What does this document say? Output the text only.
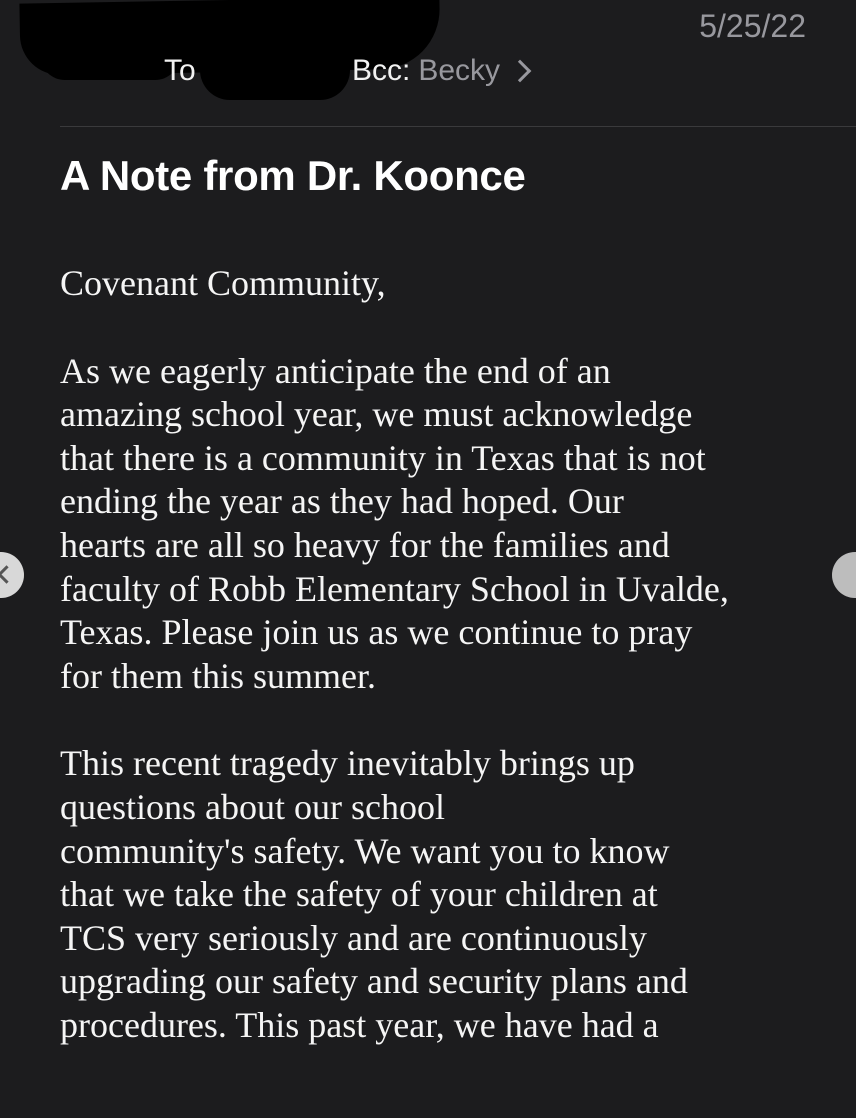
5/25/22

To	Bcc: Becky
A Note from Dr. Koonce

Covenant Community,

As we eagerly anticipate the end of an

amazing school year, we must acknowledge

that there is a community in Texas that is not

ending the year as they had hoped. Our

hearts are all so heavy for the families and

faculty of Robb Elementary School in Uvalde,

Texas. Please join us as we continue to pray

for them this summer.

This recent tragedy inevitably brings up

questions about our school

community's safety. We want you to know

that we take the safety of your children at

TCS very seriously and are continuously

upgrading our safety and security plans and

procedures. This past year, we have had a
